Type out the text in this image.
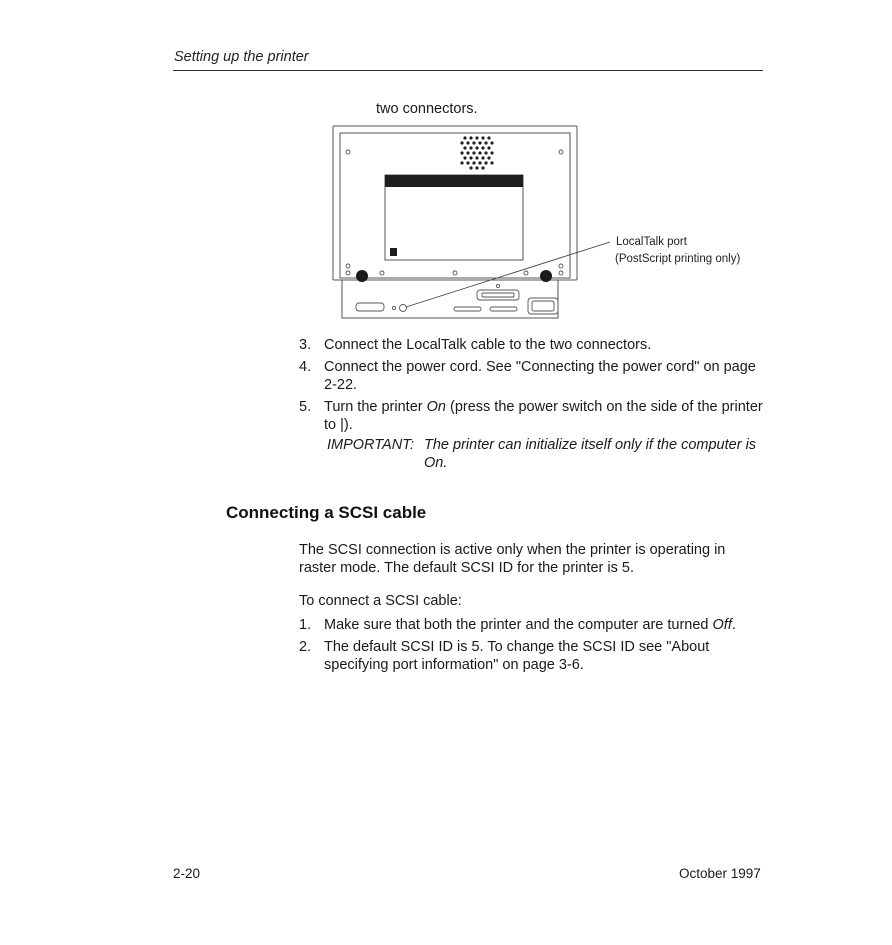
Setting up the printer
two connectors.
LocalTalk port
(PostScript printing only)
3. Connect the LocalTalk cable to the two connectors.
4. Connect the power cord. See "Connecting the power cord" on page 2-22.
5. Turn the printer On (press the power switch on the side of the printer to |).
IMPORTANT: The printer can initialize itself only if the computer is On.
Connecting a SCSI cable
The SCSI connection is active only when the printer is operating in raster mode. The default SCSI ID for the printer is 5.
To connect a SCSI cable:
1. Make sure that both the printer and the computer are turned Off.
2. The default SCSI ID is 5. To change the SCSI ID see "About specifying port information" on page 3-6.
2-20	October 1997
